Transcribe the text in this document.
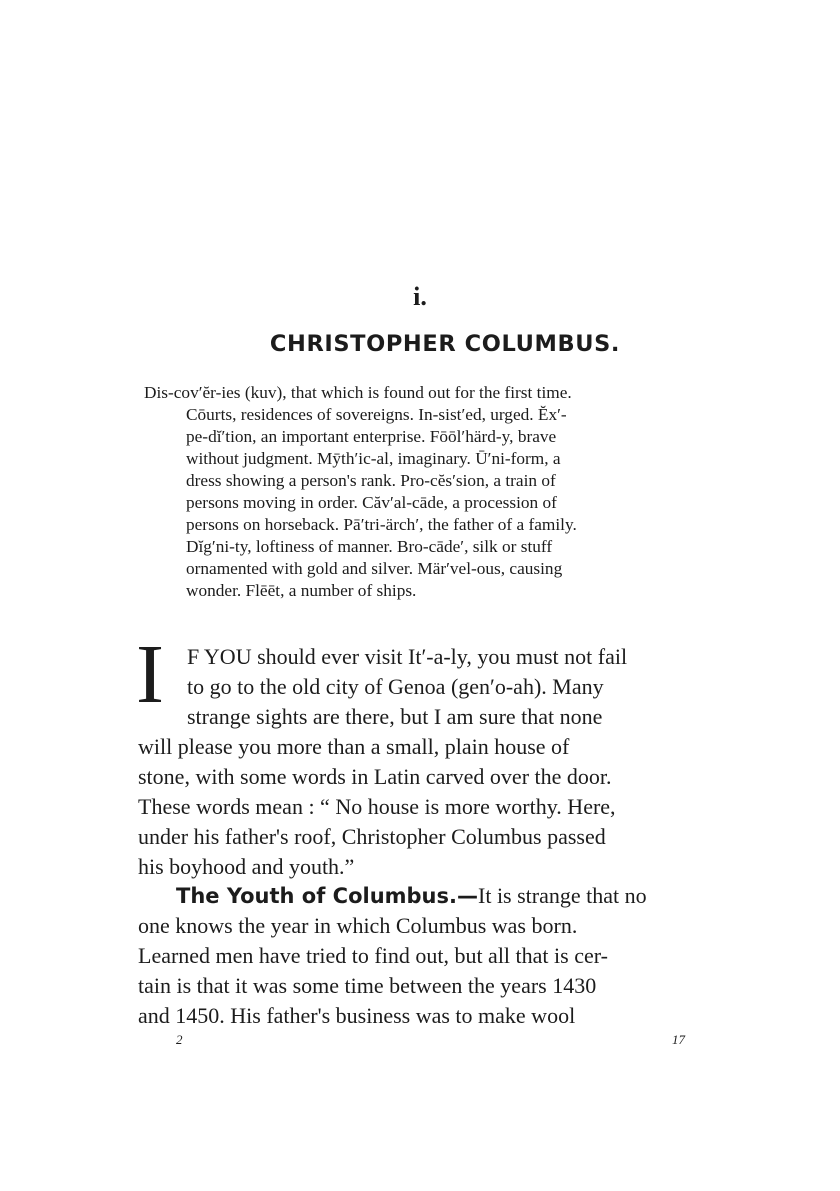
i.
CHRISTOPHER COLUMBUS.
Dis-cov′ĕr-ies (kuv), that which is found out for the first time.
Cōurts, residences of sovereigns. In-sist′ed, urged. Ĕx′-
pe-dĭ′tion, an important enterprise. Fōōl′härd-y, brave
without judgment. Mȳth′ic-al, imaginary. Ū′ni-form, a
dress showing a person's rank. Pro-cĕs′sion, a train of
persons moving in order. Căv′al-cāde, a procession of
persons on horseback. Pā′tri-ärch′, the father of a family.
Dĭg′ni-ty, loftiness of manner. Bro-cāde′, silk or stuff
ornamented with gold and silver. Mär′vel-ous, causing
wonder. Flēēt, a number of ships.
I F YOU should ever visit It′-a-ly, you must not fail
to go to the old city of Genoa (gen′o-ah). Many
strange sights are there, but I am sure that none
will please you more than a small, plain house of
stone, with some words in Latin carved over the door.
These words mean : “ No house is more worthy. Here,
under his father's roof, Christopher Columbus passed
his boyhood and youth.”
The Youth of Columbus.—It is strange that no
one knows the year in which Columbus was born.
Learned men have tried to find out, but all that is cer-
tain is that it was some time between the years 1430
and 1450. His father's business was to make wool
2	17
